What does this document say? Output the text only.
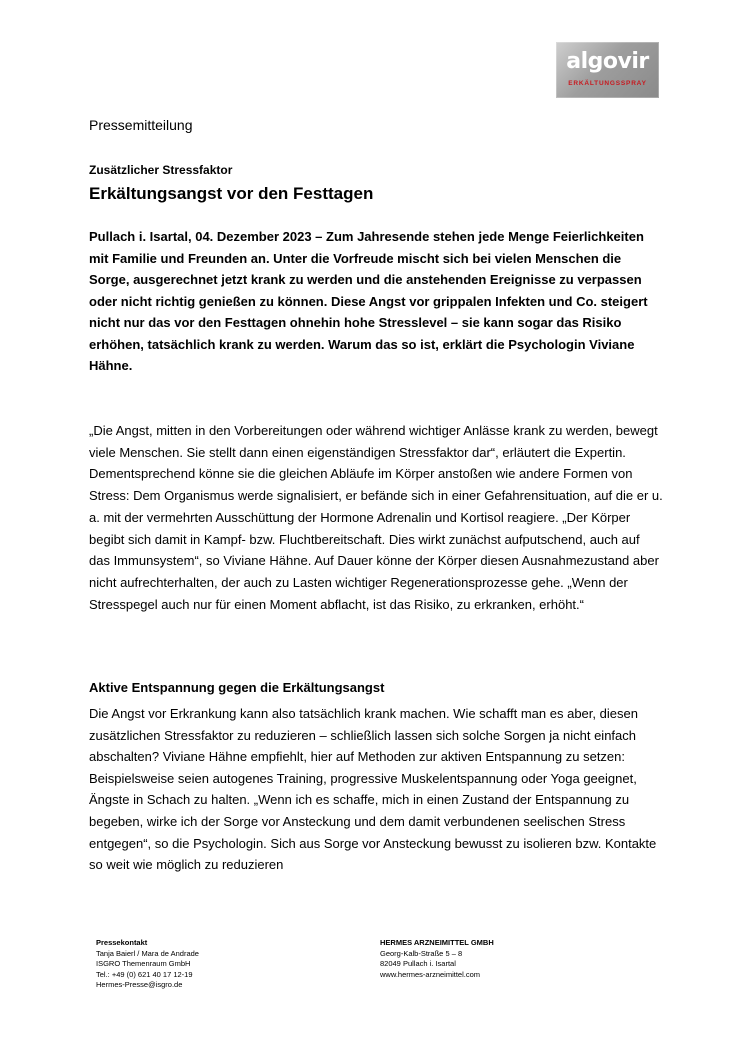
algovir
ERKÄLTUNGSSPRAY
Pressemitteilung
Zusätzlicher Stressfaktor
Erkältungsangst vor den Festtagen

Pullach i. Isartal, 04. Dezember 2023 – Zum Jahresende stehen jede Menge Feierlichkeiten mit Familie und Freunden an. Unter die Vorfreude mischt sich bei vielen Menschen die Sorge, ausgerechnet jetzt krank zu werden und die anstehenden Ereignisse zu verpassen oder nicht richtig genießen zu können. Diese Angst vor grippalen Infekten und Co. steigert nicht nur das vor den Festtagen ohnehin hohe Stresslevel – sie kann sogar das Risiko erhöhen, tatsächlich krank zu werden. Warum das so ist, erklärt die Psychologin Viviane Hähne.

„Die Angst, mitten in den Vorbereitungen oder während wichtiger Anlässe krank zu werden, bewegt viele Menschen. Sie stellt dann einen eigenständigen Stressfaktor dar“, erläutert die Expertin. Dementsprechend könne sie die gleichen Abläufe im Körper anstoßen wie andere Formen von Stress: Dem Organismus werde signalisiert, er befände sich in einer Gefahrensituation, auf die er u. a. mit der vermehrten Ausschüttung der Hormone Adrenalin und Kortisol reagiere. „Der Körper begibt sich damit in Kampf- bzw. Fluchtbereitschaft. Dies wirkt zunächst aufputschend, auch auf das Immunsystem“, so Viviane Hähne. Auf Dauer könne der Körper diesen Ausnahmezustand aber nicht aufrechterhalten, der auch zu Lasten wichtiger Regenerationsprozesse gehe. „Wenn der Stresspegel auch nur für einen Moment abflacht, ist das Risiko, zu erkranken, erhöht.“

Aktive Entspannung gegen die Erkältungsangst

Die Angst vor Erkrankung kann also tatsächlich krank machen. Wie schafft man es aber, diesen zusätzlichen Stressfaktor zu reduzieren – schließlich lassen sich solche Sorgen ja nicht einfach abschalten? Viviane Hähne empfiehlt, hier auf Methoden zur aktiven Entspannung zu setzen: Beispielsweise seien autogenes Training, progressive Muskelentspannung oder Yoga geeignet, Ängste in Schach zu halten. „Wenn ich es schaffe, mich in einen Zustand der Entspannung zu begeben, wirke ich der Sorge vor Ansteckung und dem damit verbundenen seelischen Stress entgegen“, so die Psychologin. Sich aus Sorge vor Ansteckung bewusst zu isolieren bzw. Kontakte so weit wie möglich zu reduzieren

Pressekontakt
Tanja Baierl / Mara de Andrade
ISGRO Themenraum GmbH
Tel.: +49 (0) 621 40 17 12-19
Hermes-Presse@isgro.de
HERMES ARZNEIMITTEL GMBH
Georg-Kalb-Straße 5 – 8
82049 Pullach i. Isartal
www.hermes-arzneimittel.com
